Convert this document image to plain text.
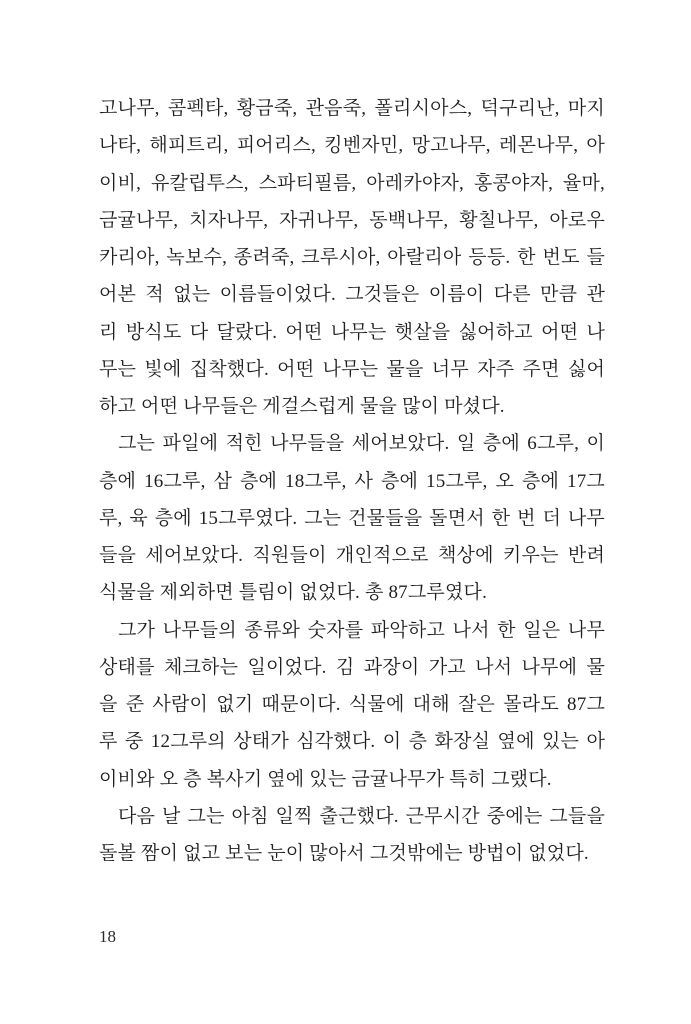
고나무, 콤펙타, 황금죽, 관음죽, 폴리시아스, 덕구리난, 마지
나타, 해피트리, 피어리스, 킹벤자민, 망고나무, 레몬나무, 아
이비, 유칼립투스, 스파티필름, 아레카야자, 홍콩야자, 율마,
금귤나무, 치자나무, 자귀나무, 동백나무, 황칠나무, 아로우
카리아, 녹보수, 종려죽, 크루시아, 아랄리아 등등. 한 번도 들
어본 적 없는 이름들이었다. 그것들은 이름이 다른 만큼 관
리 방식도 다 달랐다. 어떤 나무는 햇살을 싫어하고 어떤 나
무는 빛에 집착했다. 어떤 나무는 물을 너무 자주 주면 싫어
하고 어떤 나무들은 게걸스럽게 물을 많이 마셨다.
그는 파일에 적힌 나무들을 세어보았다. 일 층에 6그루, 이
층에 16그루, 삼 층에 18그루, 사 층에 15그루, 오 층에 17그
루, 육 층에 15그루였다. 그는 건물들을 돌면서 한 번 더 나무
들을 세어보았다. 직원들이 개인적으로 책상에 키우는 반려
식물을 제외하면 틀림이 없었다. 총 87그루였다.
그가 나무들의 종류와 숫자를 파악하고 나서 한 일은 나무
상태를 체크하는 일이었다. 김 과장이 가고 나서 나무에 물
을 준 사람이 없기 때문이다. 식물에 대해 잘은 몰라도 87그
루 중 12그루의 상태가 심각했다. 이 층 화장실 옆에 있는 아
이비와 오 층 복사기 옆에 있는 금귤나무가 특히 그랬다.
다음 날 그는 아침 일찍 출근했다. 근무시간 중에는 그들을
돌볼 짬이 없고 보는 눈이 많아서 그것밖에는 방법이 없었다.
18
